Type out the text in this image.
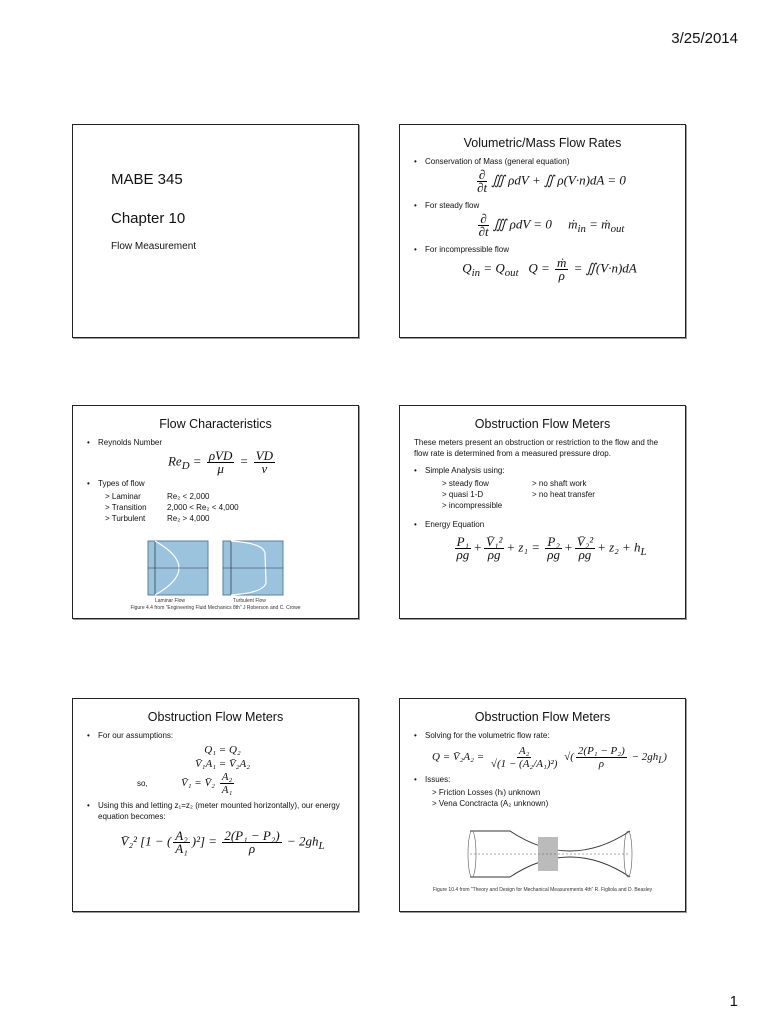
3/25/2014
MABE 345
Chapter 10
Flow Measurement
Volumetric/Mass Flow Rates
• Conservation of Mass (general equation)
$\frac{\partial}{\partial t}$ ∭ ρdV + ∬ ρ(V·n)dA = 0
• For steady flow
$\frac{\partial}{\partial t}$ ∭ ρdV = 0     ṁ$_{in}$ = ṁ$_{out}$
• For incompressible flow
$Q_{in} = Q_{out}$   $Q = \frac{\text{ṁ}}{\rho}$ = ∬(V·n)dA
Flow Characteristics
• Reynolds Number
$Re_D = \frac{\text{ρVD}}{\mu} = \frac{VD}{\nu}$
• Types of flow
> Laminar	Re₂ < 2,000
> Transition	2,000 < Re₂ < 4,000
> Turbulent	Re₂ > 4,000
Laminar Flow	Turbulent Flow
Figure 4.4 from “Engineering Fluid Mechanics 8th” J Roberson and C. Crowe
Obstruction Flow Meters
These meters present an obstruction or restriction to the flow and the flow rate is determined from a measured pressure drop.
• Simple Analysis using:
> steady flow	> no shaft work
> quasi 1-D	> no heat transfer
> incompressible
• Energy Equation
$\frac{\text{P₁}}{\rho g} + \frac{\text{V̄₁²}}{\rho g} + z_1 = \frac{\text{P₂}}{\rho g} + \frac{\text{V̄₂²}}{\rho g} + z_2 + h_L$
Obstruction Flow Meters
• For our assumptions:
Q₁ = Q₂
V̄₁A₁ = V̄₂A₂
so,	V̄₁ = V̄₂ $\frac{\text{A₂}}{\text{A₁}}$
• Using this and letting z₁=z₂ (meter mounted horizontally), our energy equation becomes:
V̄₂² [1 − ( $\frac{\text{A₂}}{\text{A₁}} )^2] = \frac{\text{2(P₁ − P₂)}}{\rho} - 2gh_L$
Obstruction Flow Meters
• Solving for the volumetric flow rate:
Q = V̄₂A₂ = $\frac{\text{A₂}}{\text{√(1 − (A₂/A₁)²)}}$ √( $\frac{\text{2(P₁ − P₂)}}{\rho} - 2gh_L$)
• Issues:
> Friction Losses (hₗ) unknown
> Vena Conctracta (A₂ unknown)
Figure 10.4 from “Theory and Design for Mechanical Measurements 4th” R. Figliola and D. Beasley
1
